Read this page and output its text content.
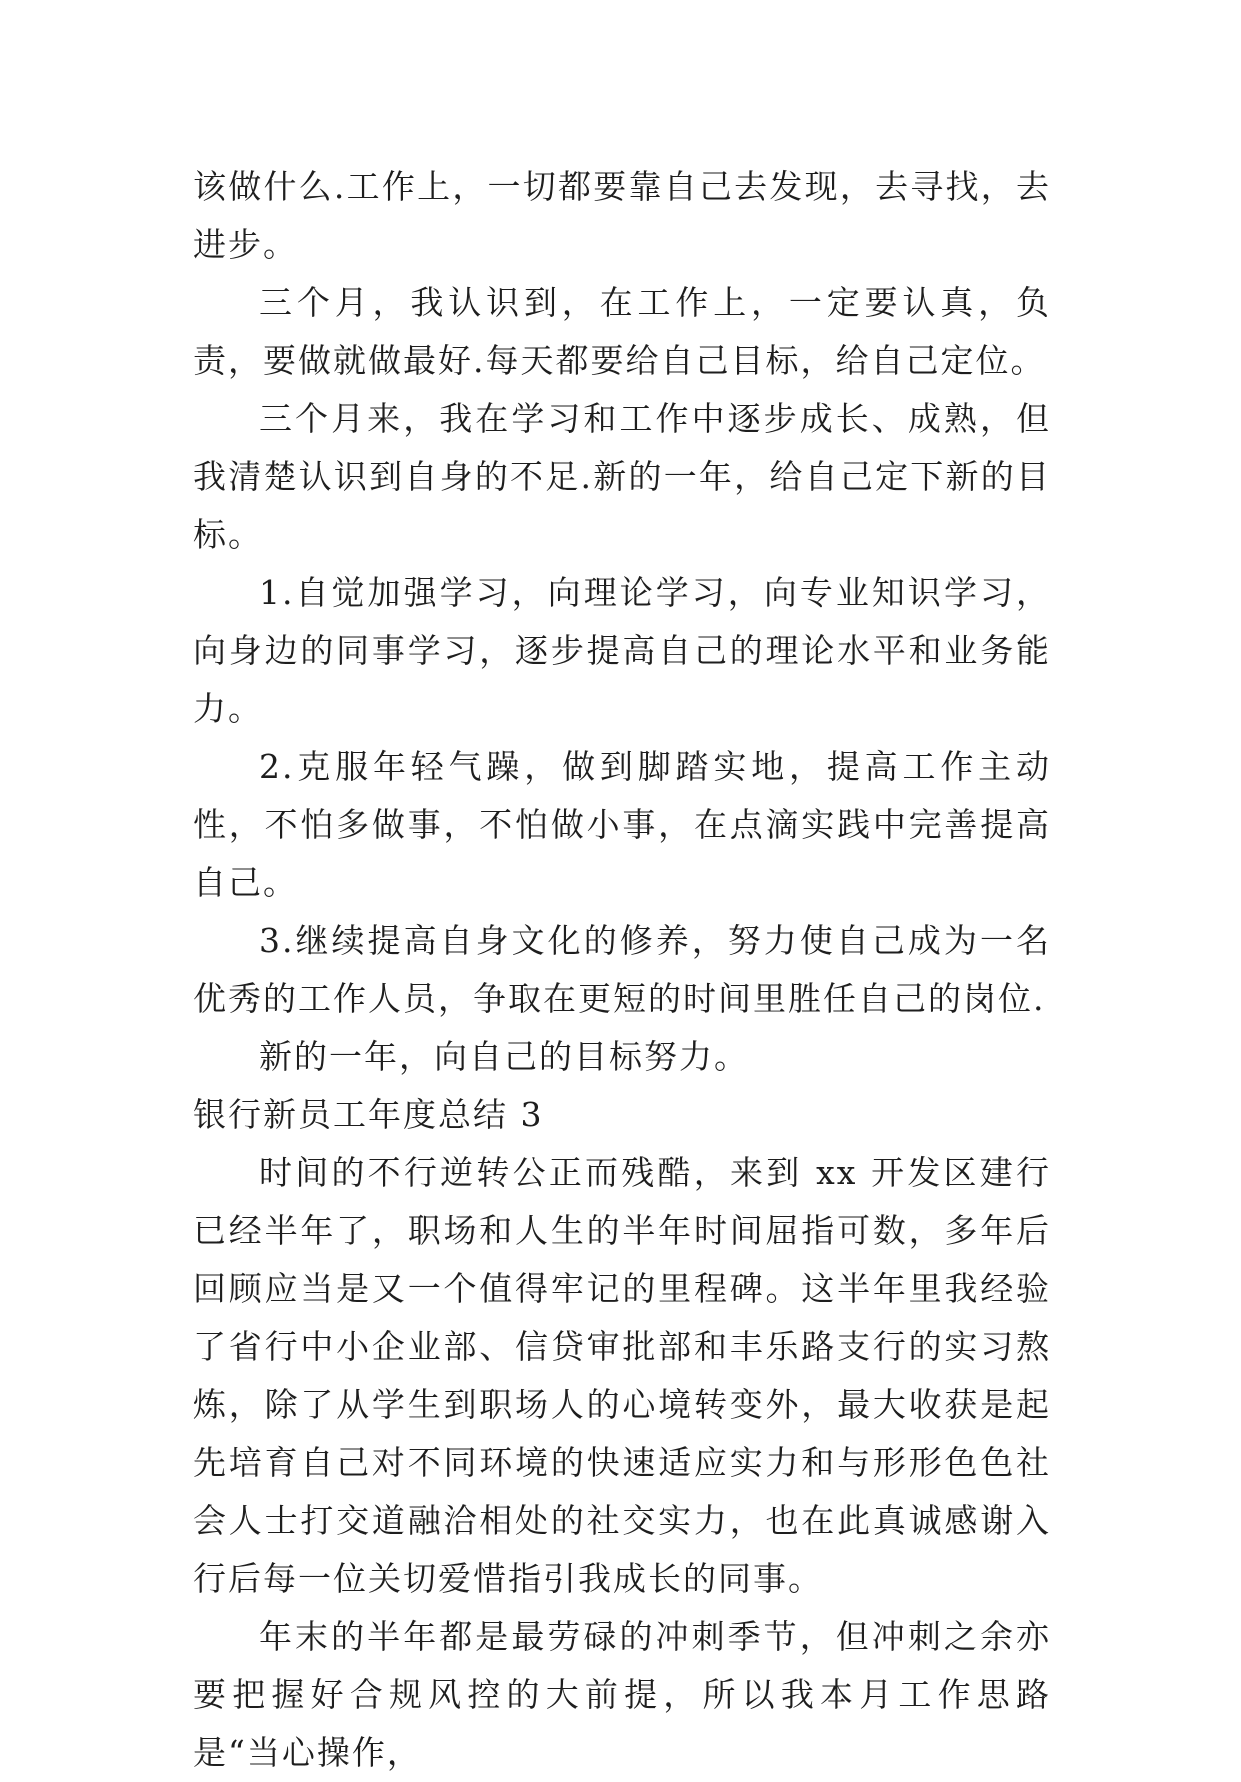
该做什么.工作上，一切都要靠自己去发现，去寻找，去进步。

三个月，我认识到，在工作上，一定要认真，负责，要做就做最好.每天都要给自己目标，给自己定位。

三个月来，我在学习和工作中逐步成长、成熟，但我清楚认识到自身的不足.新的一年，给自己定下新的目标。

1.自觉加强学习，向理论学习，向专业知识学习，向身边的同事学习，逐步提高自己的理论水平和业务能力。

2.克服年轻气躁，做到脚踏实地，提高工作主动性，不怕多做事，不怕做小事，在点滴实践中完善提高自己。

3.继续提高自身文化的修养，努力使自己成为一名优秀的工作人员，争取在更短的时间里胜任自己的岗位.

新的一年，向自己的目标努力。

银行新员工年度总结 3

时间的不行逆转公正而残酷，来到 xx 开发区建行已经半年了，职场和人生的半年时间屈指可数，多年后回顾应当是又一个值得牢记的里程碑。这半年里我经验了省行中小企业部、信贷审批部和丰乐路支行的实习熬炼，除了从学生到职场人的心境转变外，最大收获是起先培育自己对不同环境的快速适应实力和与形形色色社会人士打交道融洽相处的社交实力，也在此真诚感谢入行后每一位关切爱惜指引我成长的同事。

年末的半年都是最劳碌的冲刺季节，但冲刺之余亦要把握好合规风控的大前提，所以我本月工作思路是“当心操作，
